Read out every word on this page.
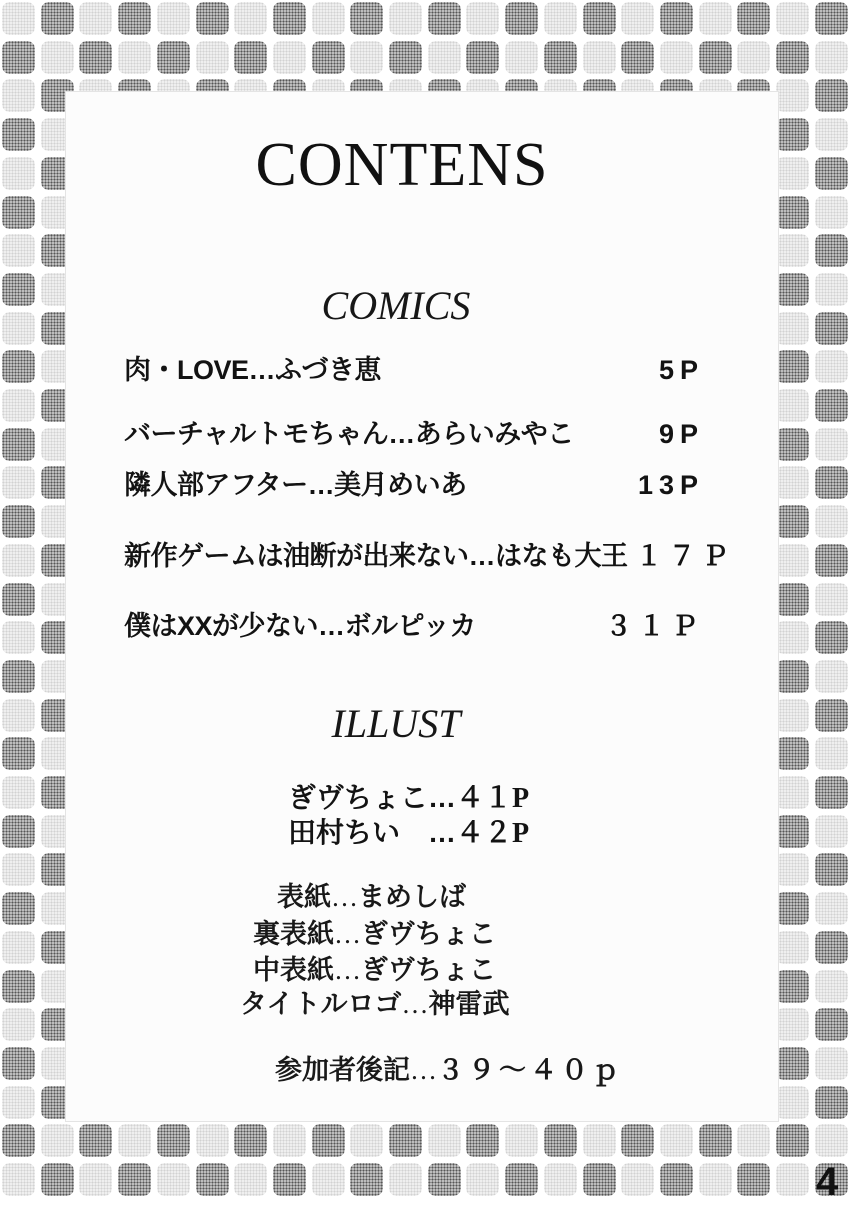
CONTENS
COMICS
肉・LOVE…ふづき恵	5P
バーチャルトモちゃん…あらいみやこ	9P
隣人部アフター…美月めいあ	13P
新作ゲームは油断が出来ない…はなも大王 １７Ｐ
僕はXXが少ない…ボルピッカ	３１Ｐ
ILLUST
ぎヴちょこ…４１P
田村ちい　…４２P
表紙…まめしば
裏表紙…ぎヴちょこ
中表紙…ぎヴちょこ
タイトルロゴ…神雷武
参加者後記…３９～４０ｐ
4
